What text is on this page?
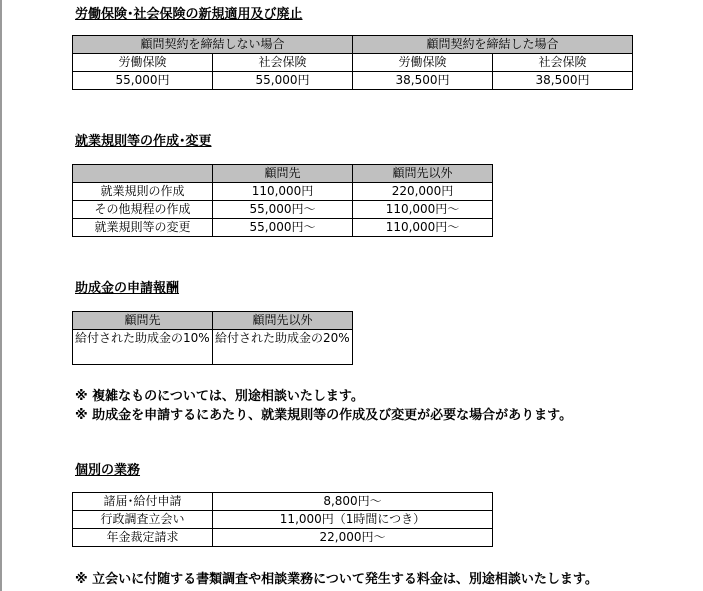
労働保険･社会保険の新規適用及び廃止
顧問契約を締結しない場合		顧問契約を締結した場合	
労働保険	社会保険	労働保険	社会保険
55,000円	55,000円	38,500円	38,500円
就業規則等の作成･変更
	顧問先	顧問先以外
就業規則の作成	110,000円	220,000円
その他規程の作成	55,000円～	110,000円～
就業規則等の変更	55,000円～	110,000円～
助成金の申請報酬
顧問先	顧問先以外
給付された助成金の10%	給付された助成金の20%
※ 複雑なものについては、別途相談いたします。
※ 助成金を申請するにあたり、就業規則等の作成及び変更が必要な場合があります。
個別の業務
諸届･給付申請	8,800円～
行政調査立会い	11,000円（1時間につき）
年金裁定請求	22,000円～
※ 立会いに付随する書類調査や相談業務について発生する料金は、別途相談いたします。
